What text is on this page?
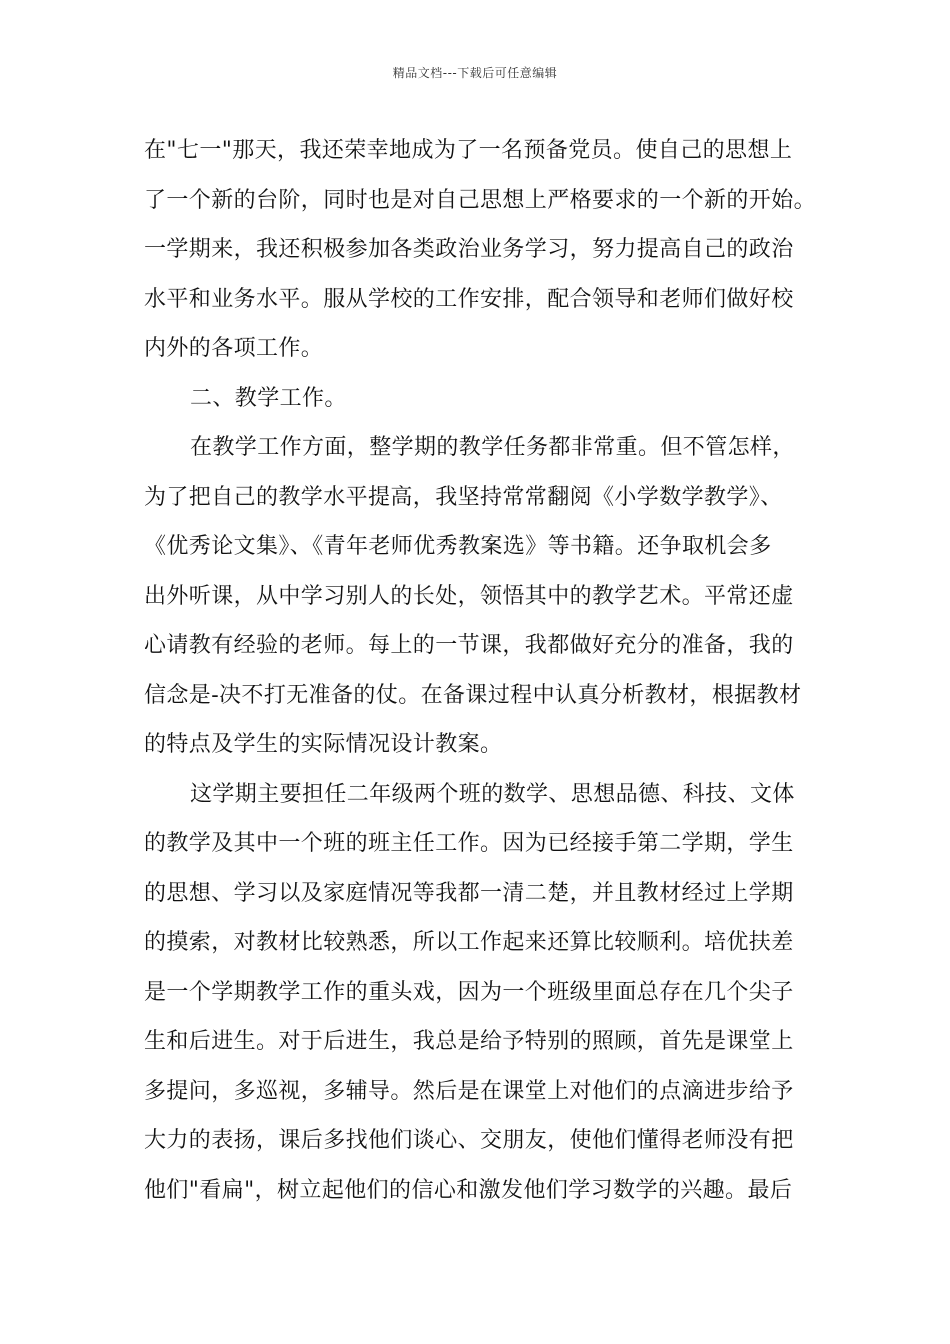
精品文档---下载后可任意编辑
在"七一"那天，我还荣幸地成为了一名预备党员。使自己的思想上
了一个新的台阶，同时也是对自己思想上严格要求的一个新的开始。
一学期来，我还积极参加各类政治业务学习，努力提高自己的政治
水平和业务水平。服从学校的工作安排，配合领导和老师们做好校
内外的各项工作。
二、教学工作。
在教学工作方面，整学期的教学任务都非常重。但不管怎样，
为了把自己的教学水平提高，我坚持常常翻阅《小学数学教学》、
《优秀论文集》、《青年老师优秀教案选》等书籍。还争取机会多
出外听课，从中学习别人的长处，领悟其中的教学艺术。平常还虚
心请教有经验的老师。每上的一节课，我都做好充分的准备，我的
信念是-决不打无准备的仗。在备课过程中认真分析教材，根据教材
的特点及学生的实际情况设计教案。
这学期主要担任二年级两个班的数学、思想品德、科技、文体
的教学及其中一个班的班主任工作。因为已经接手第二学期，学生
的思想、学习以及家庭情况等我都一清二楚，并且教材经过上学期
的摸索，对教材比较熟悉，所以工作起来还算比较顺利。培优扶差
是一个学期教学工作的重头戏，因为一个班级里面总存在几个尖子
生和后进生。对于后进生，我总是给予特别的照顾，首先是课堂上
多提问，多巡视，多辅导。然后是在课堂上对他们的点滴进步给予
大力的表扬，课后多找他们谈心、交朋友，使他们懂得老师没有把
他们"看扁"，树立起他们的信心和激发他们学习数学的兴趣。最后
